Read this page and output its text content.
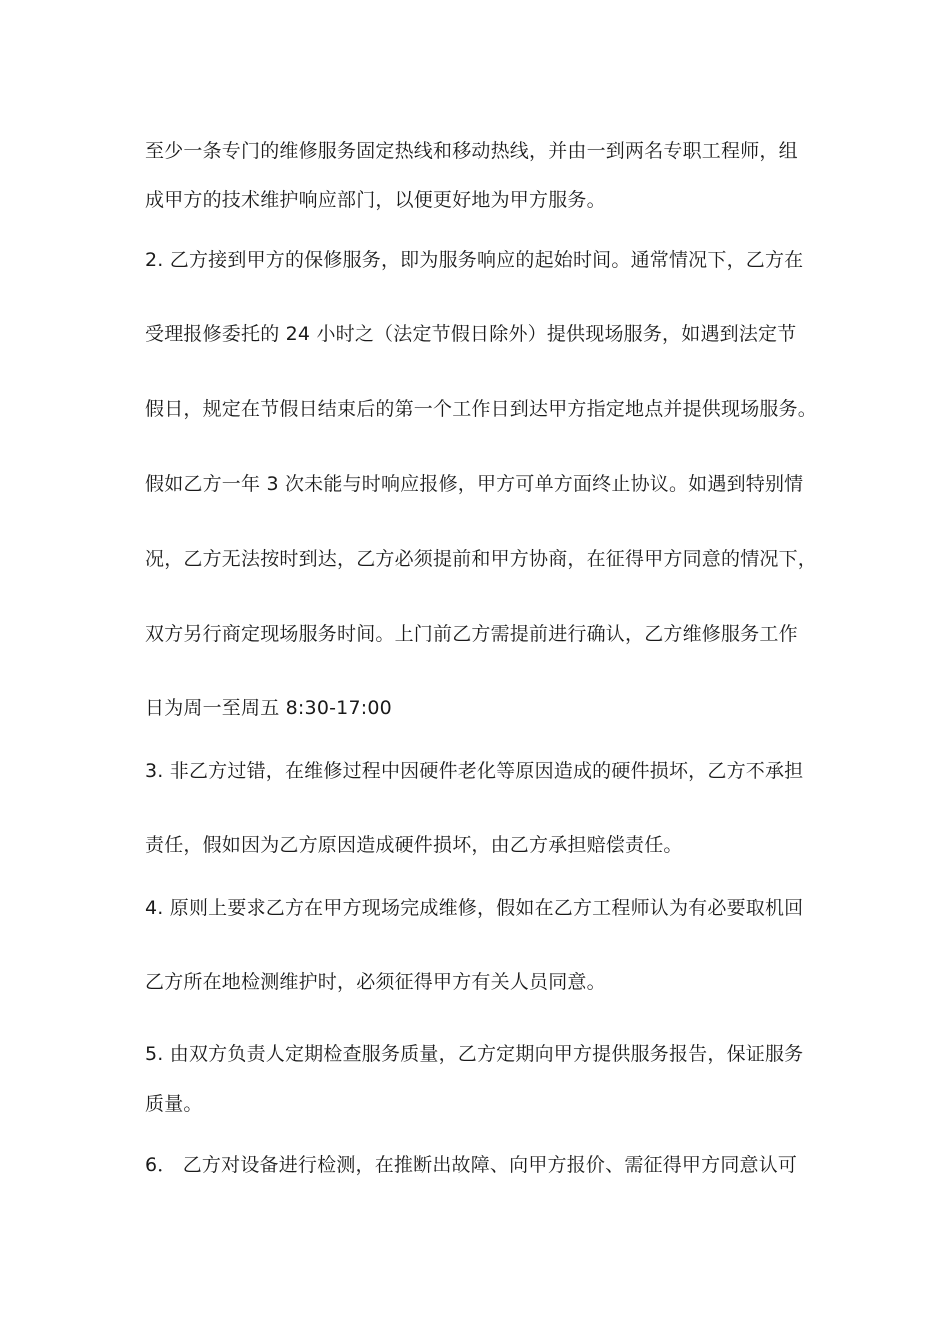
至少一条专门的维修服务固定热线和移动热线，并由一到两名专职工程师，组
成甲方的技术维护响应部门，以便更好地为甲方服务。
2. 乙方接到甲方的保修服务，即为服务响应的起始时间。通常情况下，乙方在
受理报修委托的 24 小时之（法定节假日除外）提供现场服务，如遇到法定节
假日，规定在节假日结束后的第一个工作日到达甲方指定地点并提供现场服务。
假如乙方一年 3 次未能与时响应报修，甲方可单方面终止协议。如遇到特别情
况，乙方无法按时到达，乙方必须提前和甲方协商，在征得甲方同意的情况下，
双方另行商定现场服务时间。上门前乙方需提前进行确认，乙方维修服务工作
日为周一至周五 8:30-17:00
3. 非乙方过错，在维修过程中因硬件老化等原因造成的硬件损坏，乙方不承担
责任，假如因为乙方原因造成硬件损坏，由乙方承担赔偿责任。
4. 原则上要求乙方在甲方现场完成维修，假如在乙方工程师认为有必要取机回
乙方所在地检测维护时，必须征得甲方有关人员同意。
5. 由双方负责人定期检查服务质量，乙方定期向甲方提供服务报告，保证服务
质量。
6． 乙方对设备进行检测，在推断出故障、向甲方报价、需征得甲方同意认可
